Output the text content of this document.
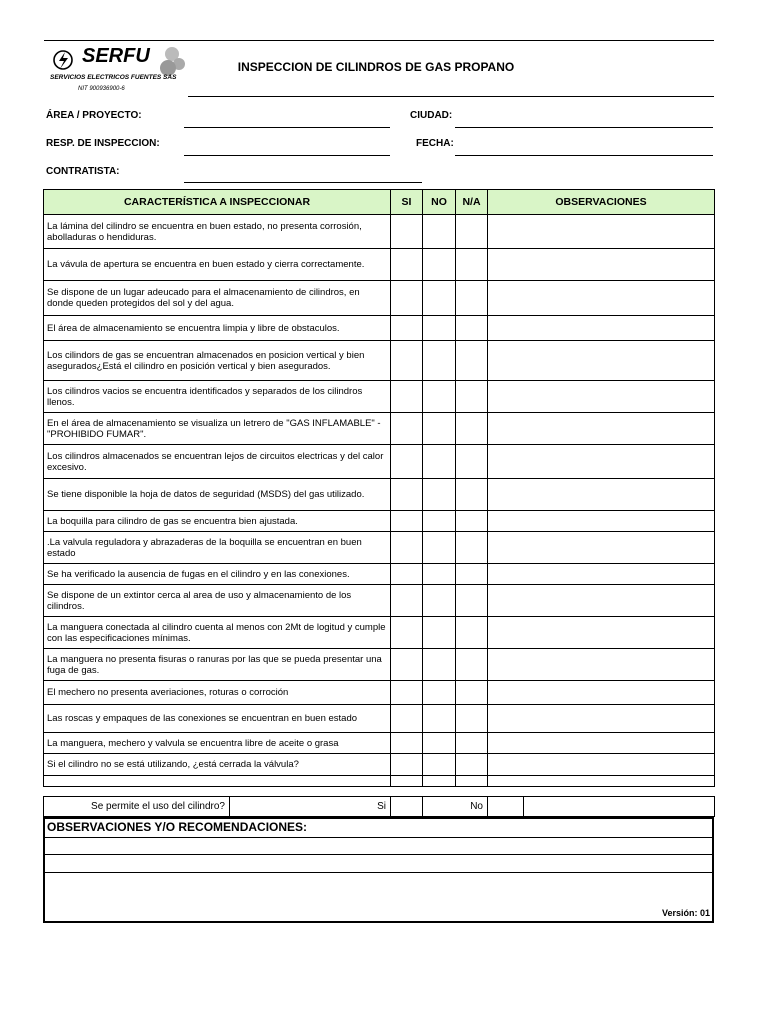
SERFU
SERVICIOS ELECTRICOS FUENTES SAS
NIT 900936900-6
INSPECCION DE CILINDROS DE GAS PROPANO
ÁREA / PROYECTO:	CIUDAD:
RESP. DE INSPECCION:	FECHA:
CONTRATISTA:
CARACTERÍSTICA A INSPECCIONAR	SI	NO	N/A	OBSERVACIONES
La lámina del cilindro se encuentra en buen estado, no presenta corrosión, abolladuras o hendiduras.				
La vávula de apertura se encuentra en buen estado y cierra correctamente.				
Se dispone de un lugar adeucado para el almacenamiento de cilindros, en donde queden protegidos del sol y del agua.				
El área de almacenamiento se encuentra limpia y libre de obstaculos.				
Los cilindors de gas se encuentran almacenados en posicion vertical y bien asegurados¿Está el cilindro en posición vertical y bien asegurados.				
Los cilindros vacios se encuentra identificados y separados de los cilindros llenos.				
En el área de almacenamiento se visualiza un letrero de "GAS INFLAMABLE" - "PROHIBIDO FUMAR".				
Los cilindros almacenados se encuentran lejos de circuitos electricas y del calor excesivo.				
Se tiene disponible la hoja de datos de seguridad (MSDS) del gas utilizado.				
La boquilla para cilindro de gas se encuentra bien ajustada.				
.La valvula reguladora y abrazaderas de la boquilla se encuentran en buen estado				
Se ha verificado la ausencia de fugas en el cilindro y en las conexiones.				
Se dispone de un extintor cerca al area de uso y almacenamiento de los cilindros.				
La manguera conectada al cilindro cuenta al menos con 2Mt de logitud y cumple con las especificaciones mínimas.				
La manguera no presenta fisuras o ranuras por las que se pueda presentar una fuga de gas.				
El mechero no presenta averiaciones, roturas o corroción				
Las roscas y empaques de las conexiones se encuentran en buen estado				
La manguera, mechero y valvula se encuentra libre de aceite o grasa				
Si el cilindro no se está utilizando, ¿está cerrada la válvula?				

Se permite el uso del cilindro?	Si			No		
OBSERVACIONES Y/O RECOMENDACIONES:
Versión: 01
